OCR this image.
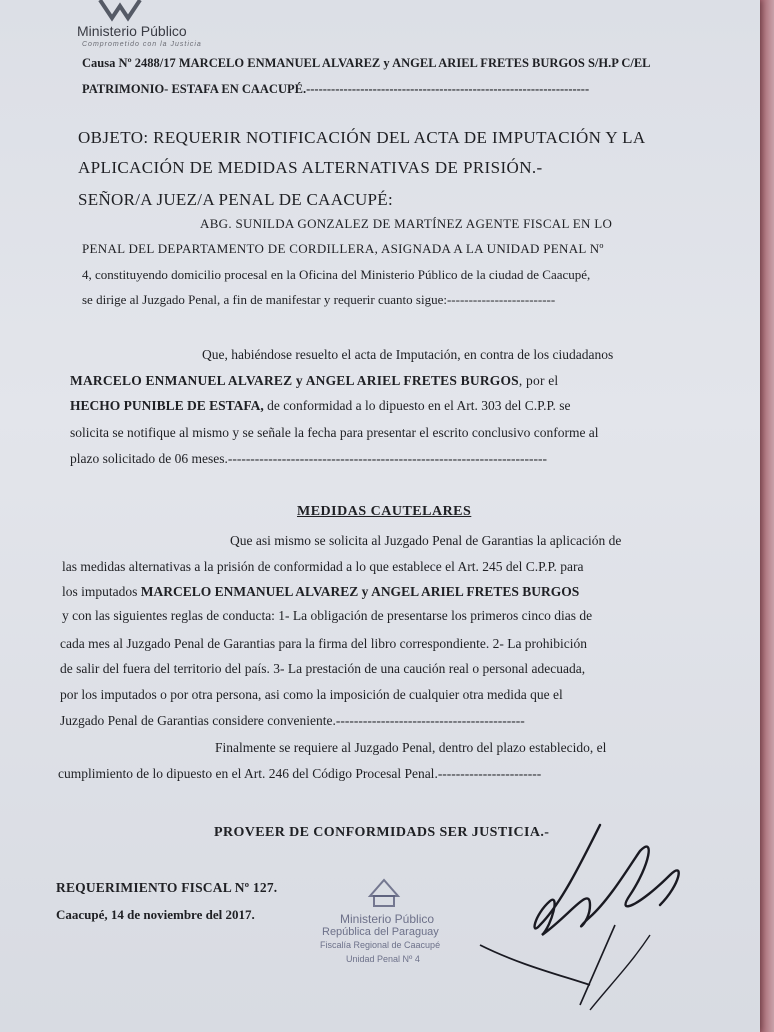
Ministerio Público
Comprometido con la Justicia
Causa Nº 2488/17 MARCELO ENMANUEL ALVAREZ y ANGEL ARIEL FRETES BURGOS S/H.P C/EL
PATRIMONIO- ESTAFA EN CAACUPÉ.--------------------------------------------------------------------
OBJETO: REQUERIR NOTIFICACIÓN DEL ACTA DE IMPUTACIÓN Y LA
APLICACIÓN DE MEDIDAS ALTERNATIVAS DE PRISIÓN.-
SEÑOR/A JUEZ/A PENAL DE CAACUPÉ:
ABG. SUNILDA GONZALEZ DE MARTÍNEZ AGENTE FISCAL EN LO
PENAL DEL DEPARTAMENTO DE CORDILLERA, ASIGNADA A LA UNIDAD PENAL Nº
4, constituyendo domicilio procesal en la Oficina del Ministerio Público de la ciudad de Caacupé,
se dirige al Juzgado Penal, a fin de manifestar y requerir cuanto sigue:-------------------------
Que, habiéndose resuelto el acta de Imputación, en contra de los ciudadanos
MARCELO ENMANUEL ALVAREZ y ANGEL ARIEL FRETES BURGOS, por el
HECHO PUNIBLE DE ESTAFA, de conformidad a lo dipuesto en el Art. 303 del C.P.P. se
solicita se notifique al mismo y se señale la fecha para presentar el escrito conclusivo conforme al
plazo solicitado de 06 meses.-----------------------------------------------------------------------
MEDIDAS CAUTELARES
Que asi mismo se solicita al Juzgado Penal de Garantias la aplicación de
las medidas alternativas a la prisión de conformidad a lo que establece el Art. 245 del C.P.P. para
los imputados MARCELO ENMANUEL ALVAREZ y ANGEL ARIEL FRETES BURGOS
y con las siguientes reglas de conducta: 1- La obligación de presentarse los primeros cinco dias de
cada mes al Juzgado Penal de Garantias para la firma del libro correspondiente. 2- La prohibición
de salir del fuera del territorio del país. 3- La prestación de una caución real o personal adecuada,
por los imputados o por otra persona, asi como la imposición de cualquier otra medida que el
Juzgado Penal de Garantias considere conveniente.------------------------------------------
Finalmente se requiere al Juzgado Penal, dentro del plazo establecido, el
cumplimiento de lo dipuesto en el Art. 246 del Código Procesal Penal.-----------------------
PROVEER DE CONFORMIDADS SER JUSTICIA.-
REQUERIMIENTO FISCAL Nº 127.
Caacupé, 14 de noviembre del 2017.	Ministerio Público
República del Paraguay
Fiscalía Regional de Caacupé
Unidad Penal Nº 4
